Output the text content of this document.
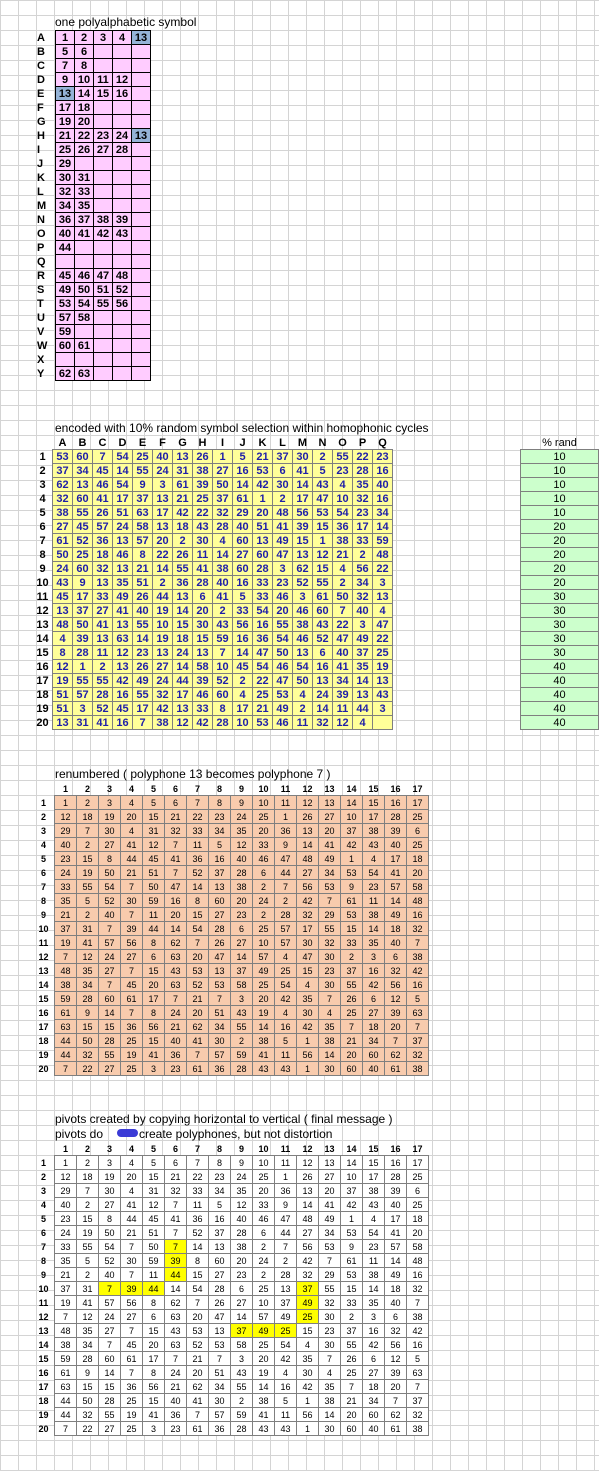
one polyalphabetic symbol
A	1	2	3	4	13
B	5	6			
C	7	8			
D	9	10	11	12	
E	13	14	15	16	
F	17	18			
G	19	20			
H	21	22	23	24	13
I	25	26	27	28	
J	29				
K	30	31			
L	32	33			
M	34	35			
N	36	37	38	39	
O	40	41	42	43	
P	44				
Q					
R	45	46	47	48	
S	49	50	51	52	
T	53	54	55	56	
U	57	58			
V	59				
W	60	61			
X					
Y	62	63			
encoded with 10% random symbol selection within homophonic cycles
	A	B	C	D	E	F	G	H	I	J	K	L	M	N	O	P	Q
1	53	60	7	54	25	40	13	26	1	5	21	37	30	2	55	22	23
2	37	34	45	14	55	24	31	38	27	16	53	6	41	5	23	28	16
3	62	13	46	54	9	3	61	39	50	14	42	30	14	43	4	35	40
4	32	60	41	17	37	13	21	25	37	61	1	2	17	47	10	32	16
5	38	55	26	51	63	17	42	22	32	29	20	48	56	53	54	23	34
6	27	45	57	24	58	13	18	43	28	40	51	41	39	15	36	17	14
7	61	52	36	13	57	20	2	30	4	60	13	49	15	1	38	33	59
8	50	25	18	46	8	22	26	11	14	27	60	47	13	12	21	2	48
9	24	60	32	13	21	14	55	41	38	60	28	3	62	15	4	56	22
10	43	9	13	35	51	2	36	28	40	16	33	23	52	55	2	34	3
11	45	17	33	49	26	44	13	6	41	5	33	46	3	61	50	32	13
12	13	37	27	41	40	19	14	20	2	33	54	20	46	60	7	40	4
13	48	50	41	13	55	10	15	30	43	56	16	55	38	43	22	3	47
14	4	39	13	63	14	19	18	15	59	16	36	54	46	52	47	49	22
15	8	28	11	12	23	13	24	13	7	14	47	50	13	6	40	37	25
16	12	1	2	13	26	27	14	58	10	45	54	46	54	16	41	35	19
17	19	55	55	42	49	24	44	39	52	2	22	47	50	13	34	14	13
18	51	57	28	16	55	32	17	46	60	4	25	53	4	24	39	13	43
19	51	3	52	45	17	42	13	33	8	17	21	49	2	14	11	44	3
20	13	31	41	16	7	38	12	42	28	10	53	46	11	32	12	4	
% rand
10
10
10
10
10
20
20
20
20
20
30
30
30
30
30
40
40
40
40
40
renumbered ( polyphone 13 becomes polyphone 7 )
	1	2	3	4	5	6	7	8	9	10	11	12	13	14	15	16	17
1	1	2	3	4	5	6	7	8	9	10	11	12	13	14	15	16	17
2	12	18	19	20	15	21	22	23	24	25	1	26	27	10	17	28	25
3	29	7	30	4	31	32	33	34	35	20	36	13	20	37	38	39	6
4	40	2	27	41	12	7	11	5	12	33	9	14	41	42	43	40	25
5	23	15	8	44	45	41	36	16	40	46	47	48	49	1	4	17	18
6	24	19	50	21	51	7	52	37	28	6	44	27	34	53	54	41	20
7	33	55	54	7	50	47	14	13	38	2	7	56	53	9	23	57	58
8	35	5	52	30	59	16	8	60	20	24	2	42	7	61	11	14	48
9	21	2	40	7	11	20	15	27	23	2	28	32	29	53	38	49	16
10	37	31	7	39	44	14	54	28	6	25	57	17	55	15	14	18	32
11	19	41	57	56	8	62	7	26	27	10	57	30	32	33	35	40	7
12	7	12	24	27	6	63	20	47	14	57	4	47	30	2	3	6	38
13	48	35	27	7	15	43	53	13	37	49	25	15	23	37	16	32	42
14	38	34	7	45	20	63	52	53	58	25	54	4	30	55	42	56	16
15	59	28	60	61	17	7	21	7	3	20	42	35	7	26	6	12	5
16	61	9	14	7	8	24	20	51	43	19	4	30	4	25	27	39	63
17	63	15	15	36	56	21	62	34	55	14	16	42	35	7	18	20	7
18	44	50	28	25	15	40	41	30	2	38	5	1	38	21	34	7	37
19	44	32	55	19	41	36	7	57	59	41	11	56	14	20	60	62	32
20	7	22	27	25	3	23	61	36	28	43	43	1	30	60	40	61	38
pivots created by copying horizontal to vertical ( final message )
pivots do	create polyphones, but not distortion
	1	2	3	4	5	6	7	8	9	10	11	12	13	14	15	16	17
1	1	2	3	4	5	6	7	8	9	10	11	12	13	14	15	16	17
2	12	18	19	20	15	21	22	23	24	25	1	26	27	10	17	28	25
3	29	7	30	4	31	32	33	34	35	20	36	13	20	37	38	39	6
4	40	2	27	41	12	7	11	5	12	33	9	14	41	42	43	40	25
5	23	15	8	44	45	41	36	16	40	46	47	48	49	1	4	17	18
6	24	19	50	21	51	7	52	37	28	6	44	27	34	53	54	41	20
7	33	55	54	7	50	7	14	13	38	2	7	56	53	9	23	57	58
8	35	5	52	30	59	39	8	60	20	24	2	42	7	61	11	14	48
9	21	2	40	7	11	44	15	27	23	2	28	32	29	53	38	49	16
10	37	31	7	39	44	14	54	28	6	25	13	37	55	15	14	18	32
11	19	41	57	56	8	62	7	26	27	10	37	49	32	33	35	40	7
12	7	12	24	27	6	63	20	47	14	57	49	25	30	2	3	6	38
13	48	35	27	7	15	43	53	13	37	49	25	15	23	37	16	32	42
14	38	34	7	45	20	63	52	53	58	25	54	4	30	55	42	56	16
15	59	28	60	61	17	7	21	7	3	20	42	35	7	26	6	12	5
16	61	9	14	7	8	24	20	51	43	19	4	30	4	25	27	39	63
17	63	15	15	36	56	21	62	34	55	14	16	42	35	7	18	20	7
18	44	50	28	25	15	40	41	30	2	38	5	1	38	21	34	7	37
19	44	32	55	19	41	36	7	57	59	41	11	56	14	20	60	62	32
20	7	22	27	25	3	23	61	36	28	43	43	1	30	60	40	61	38
